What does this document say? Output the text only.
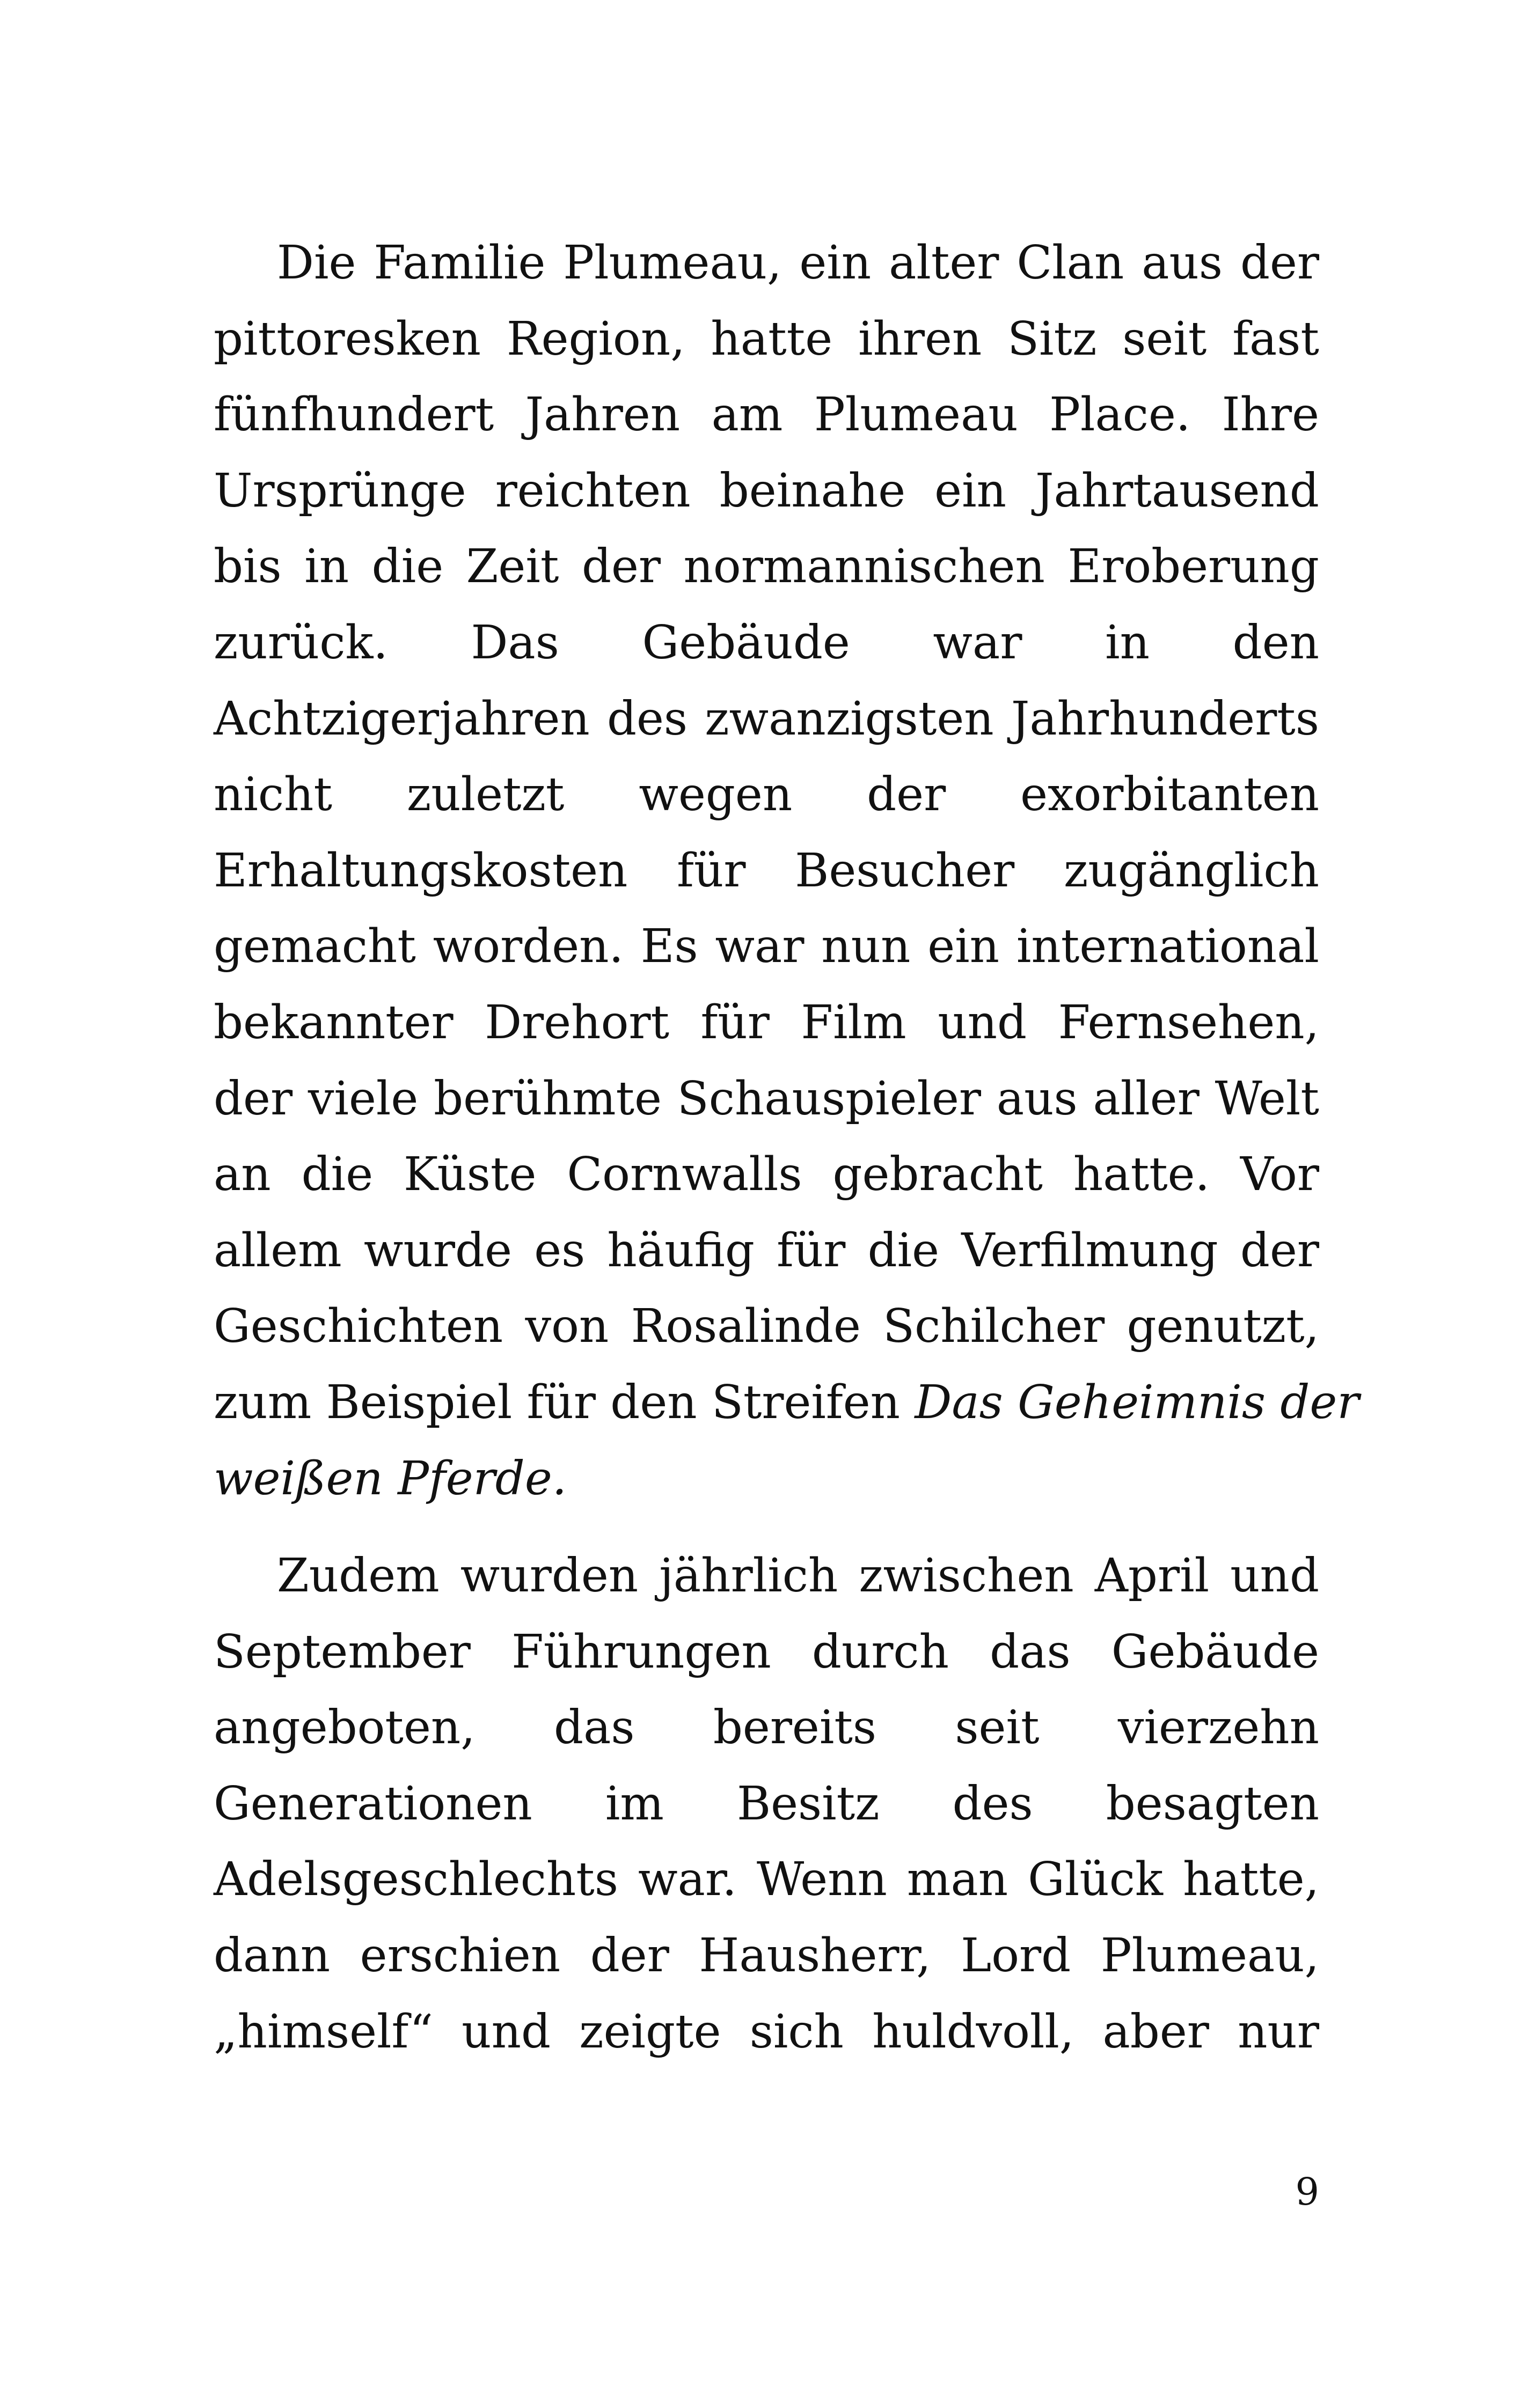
Die Familie Plumeau, ein alter Clan aus der
pittoresken Region, hatte ihren Sitz seit fast
fünfhundert Jahren am Plumeau Place. Ihre
Ursprünge reichten beinahe ein Jahrtausend
bis in die Zeit der normannischen Eroberung
zurück. Das Gebäude war in den
Achtzigerjahren des zwanzigsten Jahrhunderts
nicht zuletzt wegen der exorbitanten
Erhaltungskosten für Besucher zugänglich
gemacht worden. Es war nun ein international
bekannter Drehort für Film und Fernsehen,
der viele berühmte Schauspieler aus aller Welt
an die Küste Cornwalls gebracht hatte. Vor
allem wurde es häufig für die Verfilmung der
Geschichten von Rosalinde Schilcher genutzt,
zum Beispiel für den Streifen Das Geheimnis der
weißen Pferde.

Zudem wurden jährlich zwischen April und
September Führungen durch das Gebäude
angeboten, das bereits seit vierzehn
Generationen im Besitz des besagten
Adelsgeschlechts war. Wenn man Glück hatte,
dann erschien der Hausherr, Lord Plumeau,
„himself“ und zeigte sich huldvoll, aber nur

9
